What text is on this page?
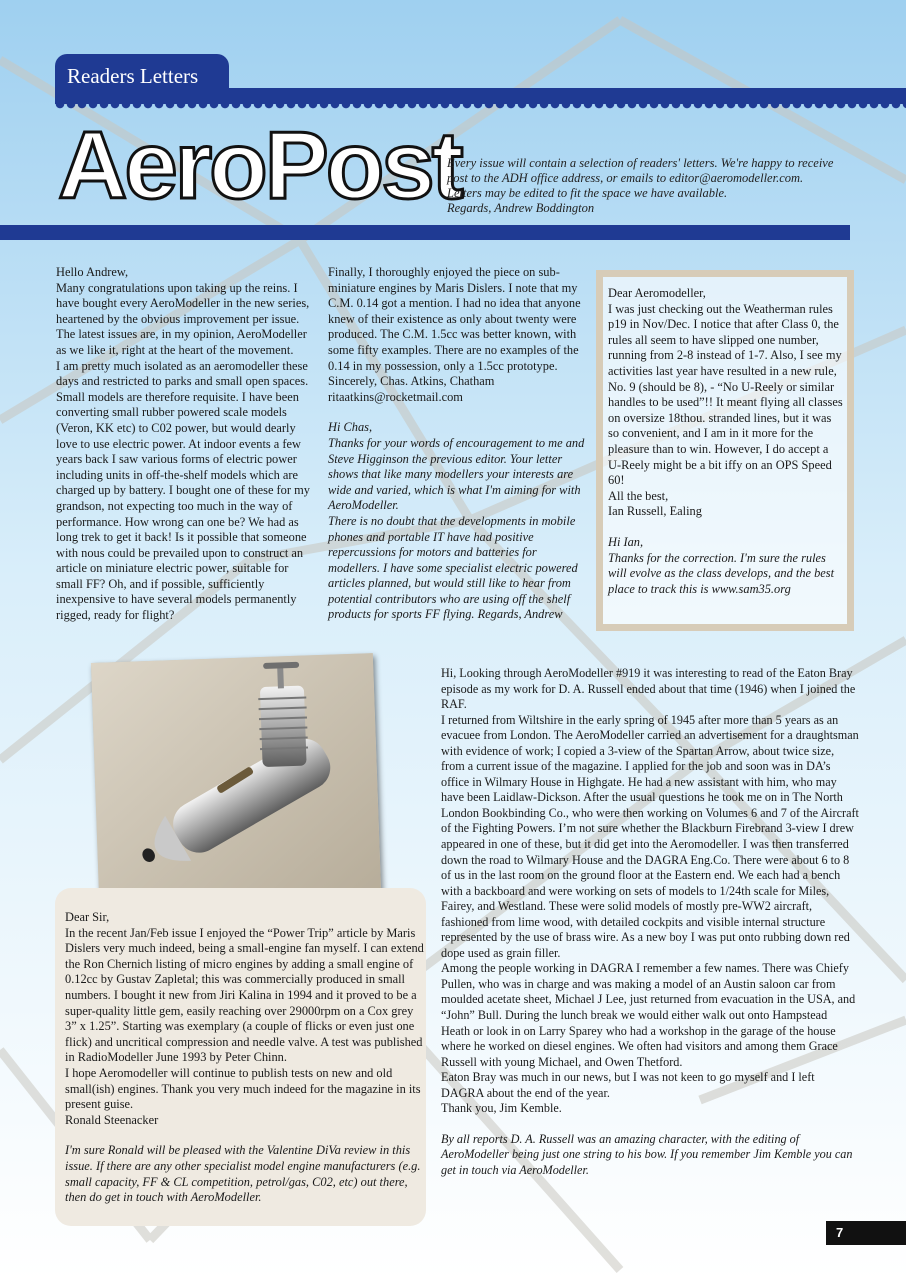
Readers Letters
AeroPost
Every issue will contain a selection of readers' letters. We're happy to receive
post to the ADH office address, or emails to editor@aeromodeller.com.
Letters may be edited to fit the space we have available.
Regards, Andrew Boddington

Hello Andrew,

Many congratulations upon taking up the reins. I have bought every AeroModeller in the new series, heartened by the obvious improvement per issue. The latest issues are, in my opinion, AeroModeller as we like it, right at the heart of the movement.

I am pretty much isolated as an aeromodeller these days and restricted to parks and small open spaces. Small models are therefore requisite. I have been converting small rubber powered scale models (Veron, KK etc) to C02 power, but would dearly love to use electric power. At indoor events a few years back I saw various forms of electric power including units in off-the-shelf models which are charged up by battery. I bought one of these for my grandson, not expecting too much in the way of performance. How wrong can one be? We had as long trek to get it back! Is it possible that someone with nous could be prevailed upon to construct an article on miniature electric power, suitable for small FF? Oh, and if possible, sufficiently inexpensive to have several models permanently rigged, ready for flight?

Finally, I thoroughly enjoyed the piece on sub-miniature engines by Maris Dislers. I note that my C.M. 0.14 got a mention. I had no idea that anyone knew of their existence as only about twenty were produced. The C.M. 1.5cc was better known, with some fifty examples. There are no examples of the 0.14 in my possession, only a 1.5cc prototype.

Sincerely, Chas. Atkins, Chatham

ritaatkins@rocketmail.com

Hi Chas,

Thanks for your words of encouragement to me and Steve Higginson the previous editor. Your letter shows that like many modellers your interests are wide and varied, which is what I'm aiming for with AeroModeller.

There is no doubt that the developments in mobile phones and portable IT have had positive repercussions for motors and batteries for modellers. I have some specialist electric powered articles planned, but would still like to hear from potential contributors who are using off the shelf products for sports FF flying. Regards, Andrew

Dear Aeromodeller,

I was just checking out the Weatherman rules p19 in Nov/Dec. I notice that after Class 0, the rules all seem to have slipped one number, running from 2-8 instead of 1-7. Also, I see my activities last year have resulted in a new rule, No. 9 (should be 8), - “No U-Reely or similar handles to be used”!! It meant flying all classes on oversize 18thou. stranded lines, but it was so convenient, and I am in it more for the pleasure than to win. However, I do accept a U-Reely might be a bit iffy on an OPS Speed 60!

All the best,

Ian Russell, Ealing

Hi Ian,

Thanks for the correction. I'm sure the rules will evolve as the class develops, and the best place to track this is www.sam35.org

Dear Sir,

In the recent Jan/Feb issue I enjoyed the “Power Trip” article by Maris Dislers very much indeed, being a small-engine fan myself. I can extend the Ron Chernich listing of micro engines by adding a small engine of 0.12cc by Gustav Zapletal; this was commercially produced in small numbers. I bought it new from Jiri Kalina in 1994 and it proved to be a super-quality little gem, easily reaching over 29000rpm on a Cox grey 3” x 1.25”. Starting was exemplary (a couple of flicks or even just one flick) and uncritical compression and needle valve. A test was published in RadioModeller June 1993 by Peter Chinn.

I hope Aeromodeller will continue to publish tests on new and old small(ish) engines. Thank you very much indeed for the magazine in its present guise.

Ronald Steenacker

I'm sure Ronald will be pleased with the Valentine DiVa review in this issue. If there are any other specialist model engine manufacturers (e.g. small capacity, FF & CL competition, petrol/gas, C02, etc) out there, then do get in touch with AeroModeller.

Hi, Looking through AeroModeller #919 it was interesting to read of the Eaton Bray episode as my work for D. A. Russell ended about that time (1946) when I joined the RAF.

I returned from Wiltshire in the early spring of 1945 after more than 5 years as an evacuee from London. The AeroModeller carried an advertisement for a draughtsman with evidence of work; I copied a 3-view of the Spartan Arrow, about twice size, from a current issue of the magazine. I applied for the job and soon was in DA’s office in Wilmary House in Highgate. He had a new assistant with him, who may have been Laidlaw-Dickson. After the usual questions he took me on in The North London Bookbinding Co., who were then working on Volumes 6 and 7 of the Aircraft of the Fighting Powers. I’m not sure whether the Blackburn Firebrand 3-view I drew appeared in one of these, but it did get into the Aeromodeller. I was then transferred down the road to Wilmary House and the DAGRA Eng.Co. There were about 6 to 8 of us in the last room on the ground floor at the Eastern end. We each had a bench with a backboard and were working on sets of models to 1/24th scale for Miles, Fairey, and Westland. These were solid models of mostly pre-WW2 aircraft, fashioned from lime wood, with detailed cockpits and visible internal structure represented by the use of brass wire. As a new boy I was put onto rubbing down red dope used as grain filler.

Among the people working in DAGRA I remember a few names. There was Chiefy Pullen, who was in charge and was making a model of an Austin saloon car from moulded acetate sheet, Michael J Lee, just returned from evacuation in the USA, and “John” Bull. During the lunch break we would either walk out onto Hampstead Heath or look in on Larry Sparey who had a workshop in the garage of the house where he worked on diesel engines. We often had visitors and among them Grace Russell with young Michael, and Owen Thetford.

Eaton Bray was much in our news, but I was not keen to go myself and I left DAGRA about the end of the year.

Thank you, Jim Kemble.

By all reports D. A. Russell was an amazing character, with the editing of AeroModeller being just one string to his bow. If you remember Jim Kemble you can get in touch via AeroModeller.

7
